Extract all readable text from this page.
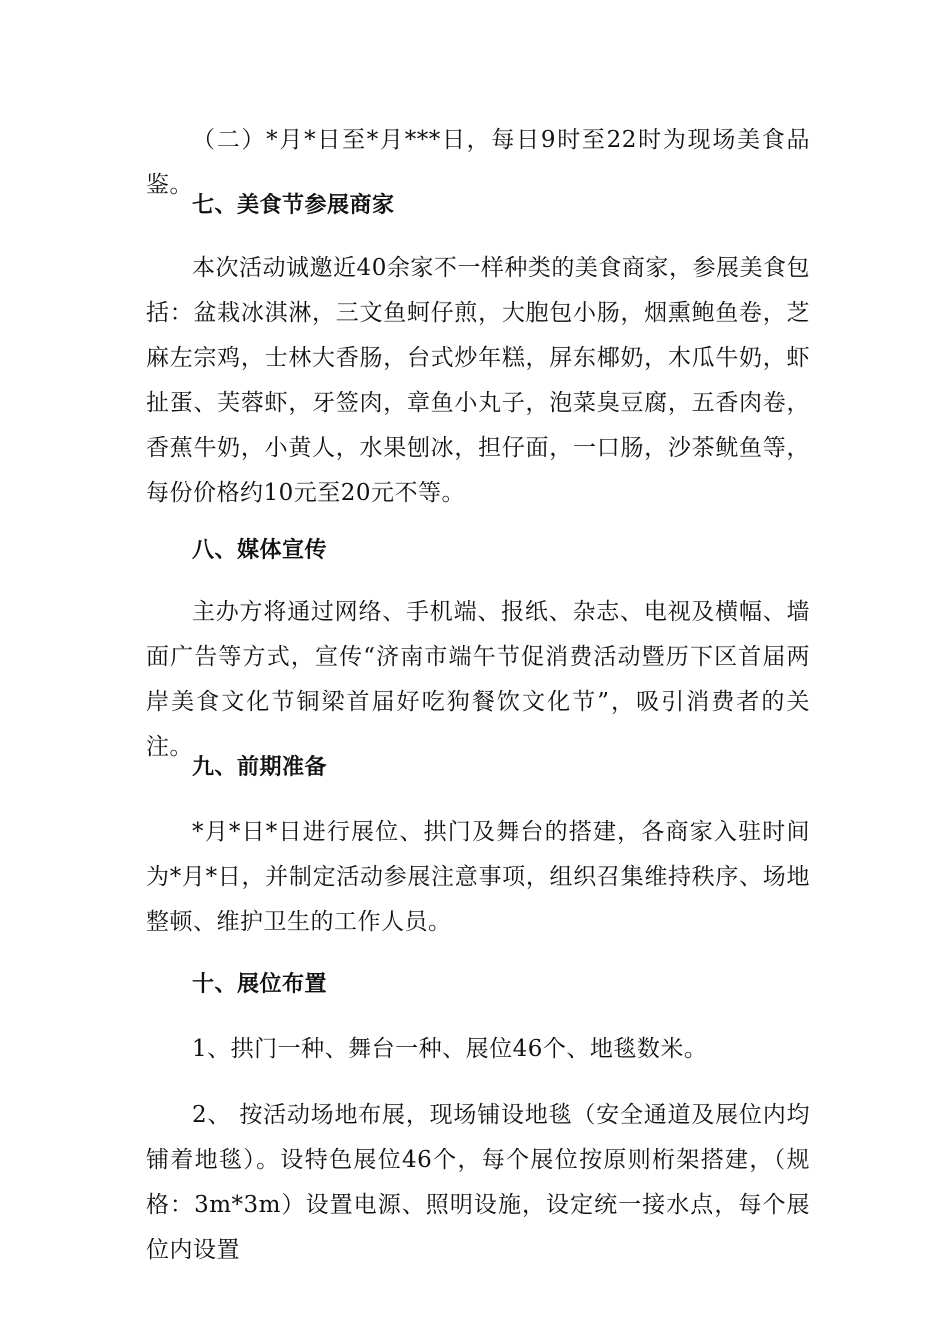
（二）*月*日至*月***日，每日9时至22时为现场美食品鉴。

七、美食节参展商家

本次活动诚邀近40余家不一样种类的美食商家，参展美食包括：盆栽冰淇淋，三文鱼蚵仔煎，大胞包小肠，烟熏鲍鱼卷，芝麻左宗鸡，士林大香肠，台式炒年糕，屏东椰奶，木瓜牛奶，虾扯蛋、芙蓉虾，牙签肉，章鱼小丸子，泡菜臭豆腐，五香肉卷，香蕉牛奶，小黄人，水果刨冰，担仔面，一口肠，沙茶鱿鱼等，每份价格约10元至20元不等。

八、媒体宣传

主办方将通过网络、手机端、报纸、杂志、电视及横幅、墙面广告等方式，宣传“济南市端午节促消费活动暨历下区首届两岸美食文化节铜梁首届好吃狗餐饮文化节”，吸引消费者的关注。

九、前期准备

*月*日*日进行展位、拱门及舞台的搭建，各商家入驻时间为*月*日，并制定活动参展注意事项，组织召集维持秩序、场地整顿、维护卫生的工作人员。

十、展位布置

1、拱门一种、舞台一种、展位46个、地毯数米。

2、 按活动场地布展，现场铺设地毯（安全通道及展位内均铺着地毯）。设特色展位46个，每个展位按原则桁架搭建，（规格：3m*3m）设置电源、照明设施，设定统一接水点，每个展位内设置
